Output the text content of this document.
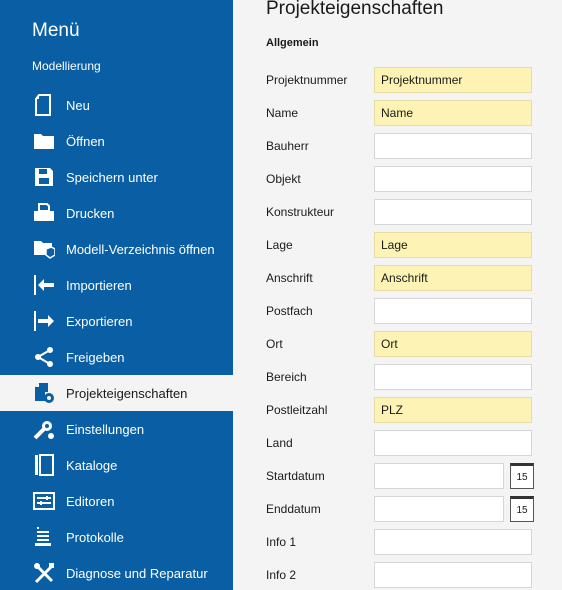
Menü
Modellierung
Neu
Öffnen
Speichern unter
Drucken
Modell-Verzeichnis öffnen
Importieren
Exportieren
Freigeben
Projekteigenschaften
Einstellungen
Kataloge
Editoren
Protokolle
Diagnose und Reparatur
Projekteigenschaften
Allgemein
Projektnummer
Projektnummer
Name
Name
Bauherr
Objekt
Konstrukteur
Lage
Lage
Anschrift
Anschrift
Postfach
Ort
Ort
Bereich
Postleitzahl
PLZ
Land
Startdatum	15
Enddatum	15
Info 1
Info 2
